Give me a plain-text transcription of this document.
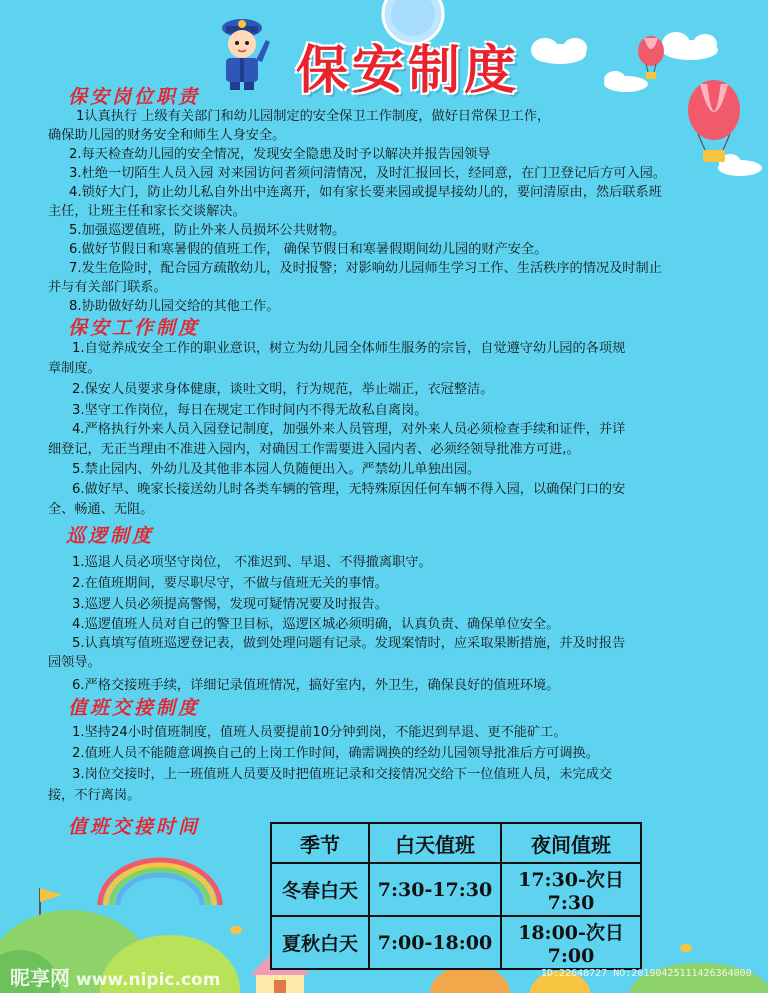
保安制度
保安岗位职责
1认真执行 上级有关部门和幼儿园制定的安全保卫工作制度，做好日常保卫工作，
确保助儿园的财务安全和师生人身安全。
2.每天检查幼儿园的安全情况，发现安全隐患及时予以解决并报告园领导
3.杜绝一切陌生人员入园 对来园访问者须问清情况，及时汇报回长，经同意，在门卫登记后方可入园。
4.锁好大门，防止幼儿私自外出中连离开，如有家长要来园或提早接幼儿的，要问清原由，然后联系班
主任，让班主任和家长交谈解决。
5.加强巡逻值班，防止外来人员损坏公共财物。
6.做好节假日和寒暑假的值班工作， 确保节假日和寒暑假期间幼儿园的财产安全。
7.发生危险时，配合园方疏散幼儿，及时报警；对影响幼儿园师生学习工作、生活秩序的情况及时制止
并与有关部门联系。
8.协助做好幼儿园交给的其他工作。
保安工作制度
1.自觉养成安全工作的职业意识，树立为幼儿园全体师生服务的宗旨，自觉遵守幼儿园的各项规
章制度。
2.保安人员要求身体健康，谈吐文明，行为规范，举止端正，衣冠整洁。
3.坚守工作岗位，每日在规定工作时间内不得无故私自离岗。
4.严格执行外来人员入园登记制度，加强外来人员管理，对外来人员必须检查手续和证件，并详
细登记，无正当理由不准进入园内，对确因工作需要进入园内者、必须经领导批准方可进,。
5.禁止园内、外幼儿及其他非本园人负随便出入。严禁幼儿单独出园。
6.做好早、晚家长接送幼儿时各类车辆的管理，无特殊原因任何车辆不得入园，以确保门口的安
全、畅通、无阻。
巡逻制度
1.巡退人员必项坚守岗位， 不准迟到、早退、不得撤离职守。
2.在值班期间，要尽职尽守，不做与值班无关的事情。
3.巡逻人员必须提高警惕，发现可疑情况要及时报告。
4.巡逻值班人员对自己的警卫目标，巡逻区城必须明确，认真负责、确保单位安全。
5.认真填写值班巡逻登记表，做到处理问题有记录。发现案情时，应采取果断措施，并及时报告
园领导。
6.严格交接班手续，详细记录值班情况，搞好室内，外卫生，确保良好的值班环境。
值班交接制度
1.坚持24小时值班制度，值班人员要提前10分钟到岗，不能迟到早退、更不能矿工。
2.值班人员不能随意调换自己的上岗工作时间，确需调换的经幼儿园领导批准后方可调换。
3.岗位交接时，上一班值班人员要及时把值班记录和交接情况交给下一位值班人员，未完成交
接，不行离岗。
值班交接时间
季节	白天值班	夜间值班
冬春白天	7:30-17:30	17:30-次日7:30
夏秋白天	7:00-18:00	18:00-次日7:00
昵享网 www.nipic.com	ID:22648727 NO:20190425111426364000
